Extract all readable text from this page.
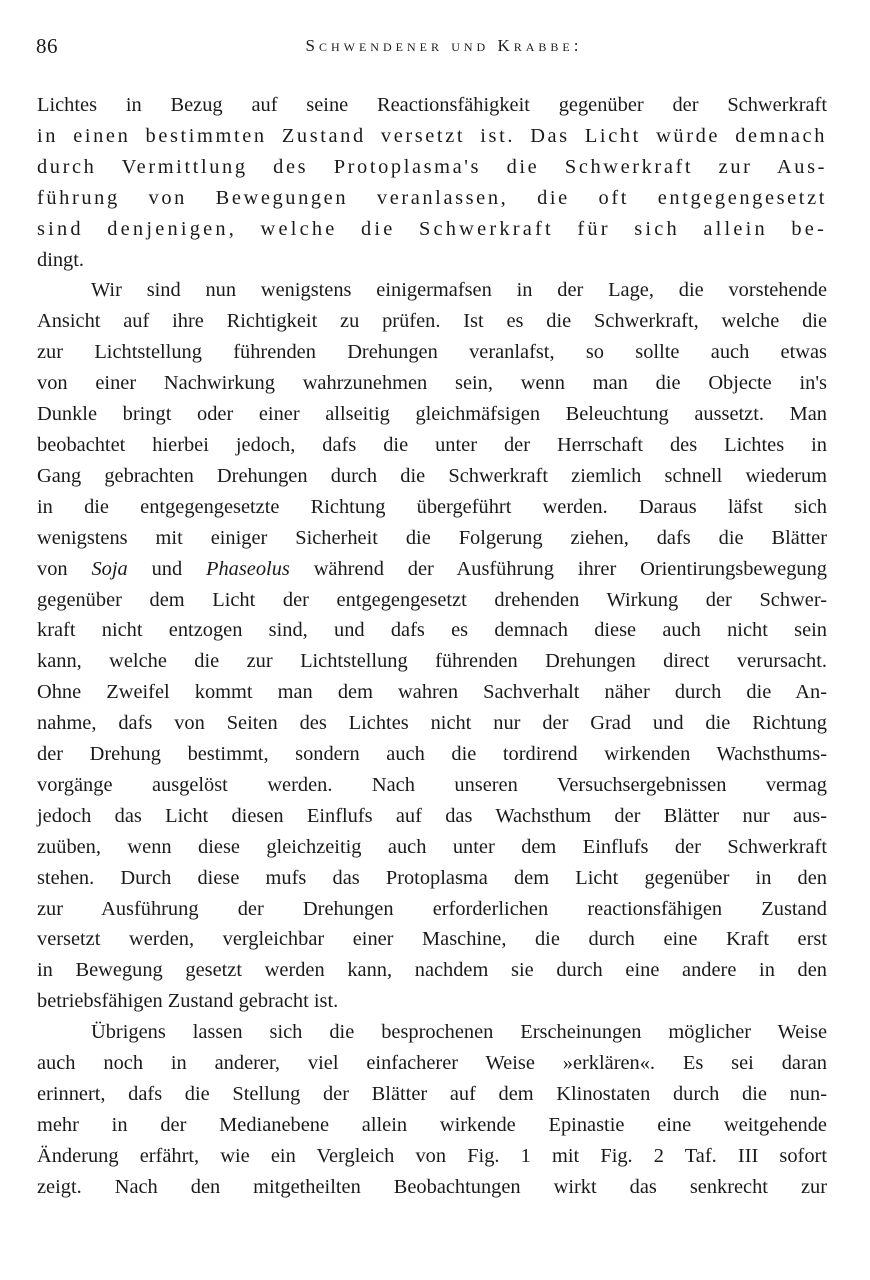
86	Schwendener und Krabbe:
Lichtes in Bezug auf seine Reactionsfähigkeit gegenüber der Schwerkraft
in einen bestimmten Zustand versetzt ist. Das Licht würde demnach
durch Vermittlung des Protoplasma's die Schwerkraft zur Aus-
führung von Bewegungen veranlassen, die oft entgegengesetzt
sind denjenigen, welche die Schwerkraft für sich allein be-
dingt.
Wir sind nun wenigstens einigermafsen in der Lage, die vorstehende
Ansicht auf ihre Richtigkeit zu prüfen. Ist es die Schwerkraft, welche die
zur Lichtstellung führenden Drehungen veranlafst, so sollte auch etwas
von einer Nachwirkung wahrzunehmen sein, wenn man die Objecte in's
Dunkle bringt oder einer allseitig gleichmäfsigen Beleuchtung aussetzt. Man
beobachtet hierbei jedoch, dafs die unter der Herrschaft des Lichtes in
Gang gebrachten Drehungen durch die Schwerkraft ziemlich schnell wiederum
in die entgegengesetzte Richtung übergeführt werden. Daraus läfst sich
wenigstens mit einiger Sicherheit die Folgerung ziehen, dafs die Blätter
von Soja und Phaseolus während der Ausführung ihrer Orientirungsbewegung
gegenüber dem Licht der entgegengesetzt drehenden Wirkung der Schwer-
kraft nicht entzogen sind, und dafs es demnach diese auch nicht sein
kann, welche die zur Lichtstellung führenden Drehungen direct verursacht.
Ohne Zweifel kommt man dem wahren Sachverhalt näher durch die An-
nahme, dafs von Seiten des Lichtes nicht nur der Grad und die Richtung
der Drehung bestimmt, sondern auch die tordirend wirkenden Wachsthums-
vorgänge ausgelöst werden. Nach unseren Versuchsergebnissen vermag
jedoch das Licht diesen Einflufs auf das Wachsthum der Blätter nur aus-
zuüben, wenn diese gleichzeitig auch unter dem Einflufs der Schwerkraft
stehen. Durch diese mufs das Protoplasma dem Licht gegenüber in den
zur Ausführung der Drehungen erforderlichen reactionsfähigen Zustand
versetzt werden, vergleichbar einer Maschine, die durch eine Kraft erst
in Bewegung gesetzt werden kann, nachdem sie durch eine andere in den
betriebsfähigen Zustand gebracht ist.
Übrigens lassen sich die besprochenen Erscheinungen möglicher Weise
auch noch in anderer, viel einfacherer Weise »erklären«. Es sei daran
erinnert, dafs die Stellung der Blätter auf dem Klinostaten durch die nun-
mehr in der Medianebene allein wirkende Epinastie eine weitgehende
Änderung erfährt, wie ein Vergleich von Fig. 1 mit Fig. 2 Taf. III sofort
zeigt. Nach den mitgetheilten Beobachtungen wirkt das senkrecht zur
